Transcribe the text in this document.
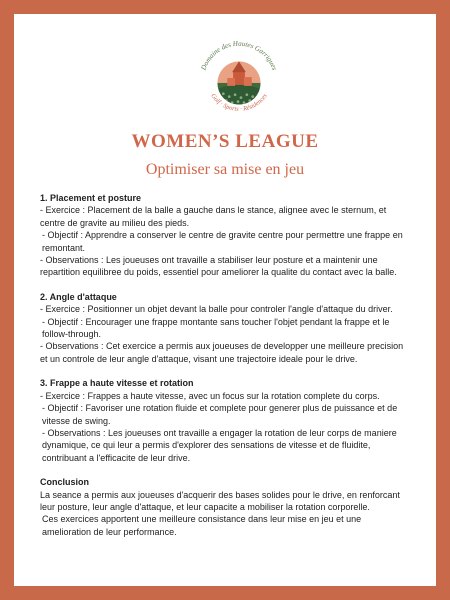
Domaine des Hautes Garrigues
Golf · Sports · Résidences
WOMEN’S LEAGUE
Optimiser sa mise en jeu
1. Placement et posture

- Exercice : Placement de la balle a gauche dans le stance, alignee avec le sternum, et centre de gravite au milieu des pieds.

- Objectif : Apprendre a conserver le centre de gravite centre pour permettre une frappe en remontant.

- Observations : Les joueuses ont travaille a stabiliser leur posture et a maintenir une repartition equilibree du poids, essentiel pour ameliorer la qualite du contact avec la balle.

2. Angle d'attaque

- Exercice : Positionner un objet devant la balle pour controler l'angle d'attaque du driver.

- Objectif : Encourager une frappe montante sans toucher l'objet pendant la frappe et le follow-through.

- Observations : Cet exercice a permis aux joueuses de developper une meilleure precision et un controle de leur angle d'attaque, visant une trajectoire ideale pour le drive.

3. Frappe a haute vitesse et rotation

- Exercice : Frappes a haute vitesse, avec un focus sur la rotation complete du corps.

- Objectif : Favoriser une rotation fluide et complete pour generer plus de puissance et de vitesse de swing.

- Observations : Les joueuses ont travaille a engager la rotation de leur corps de maniere dynamique, ce qui leur a permis d'explorer des sensations de vitesse et de fluidite, contribuant a l'efficacite de leur drive.

Conclusion

La seance a permis aux joueuses d'acquerir des bases solides pour le drive, en renforcant leur posture, leur angle d'attaque, et leur capacite a mobiliser la rotation corporelle.

Ces exercices apportent une meilleure consistance dans leur mise en jeu et une amelioration de leur performance.
